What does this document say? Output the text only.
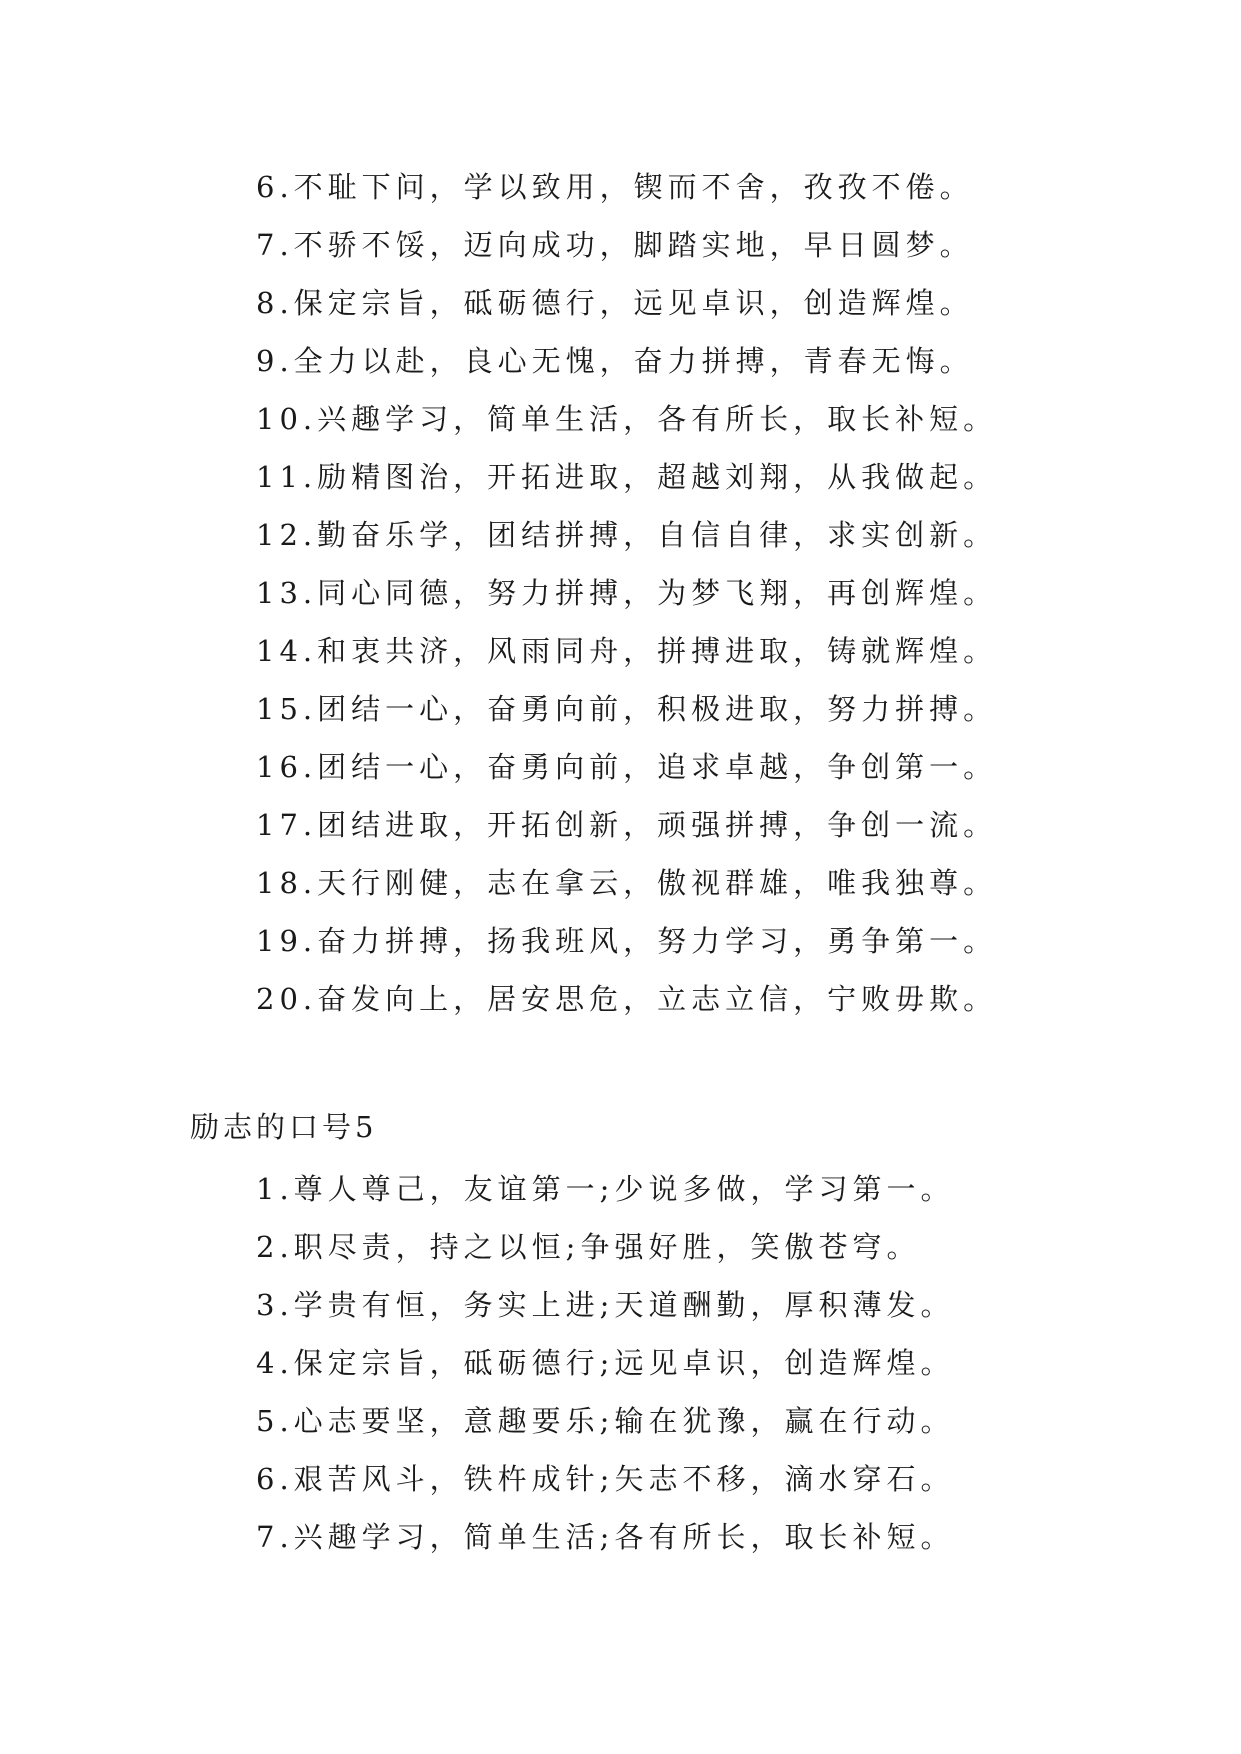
6.不耻下问，学以致用，锲而不舍，孜孜不倦。
7.不骄不馁，迈向成功，脚踏实地，早日圆梦。
8.保定宗旨，砥砺德行，远见卓识，创造辉煌。
9.全力以赴，良心无愧，奋力拼搏，青春无悔。
10.兴趣学习，简单生活，各有所长，取长补短。
11.励精图治，开拓进取，超越刘翔，从我做起。
12.勤奋乐学，团结拼搏，自信自律，求实创新。
13.同心同德，努力拼搏，为梦飞翔，再创辉煌。
14.和衷共济，风雨同舟，拼搏进取，铸就辉煌。
15.团结一心，奋勇向前，积极进取，努力拼搏。
16.团结一心，奋勇向前，追求卓越，争创第一。
17.团结进取，开拓创新，顽强拼搏，争创一流。
18.天行刚健，志在拿云，傲视群雄，唯我独尊。
19.奋力拼搏，扬我班风，努力学习，勇争第一。
20.奋发向上，居安思危，立志立信，宁败毋欺。
励志的口号5
1.尊人尊己，友谊第一;少说多做，学习第一。
2.职尽责，持之以恒;争强好胜，笑傲苍穹。
3.学贵有恒，务实上进;天道酬勤，厚积薄发。
4.保定宗旨，砥砺德行;远见卓识，创造辉煌。
5.心志要坚，意趣要乐;输在犹豫，赢在行动。
6.艰苦风斗，铁杵成针;矢志不移，滴水穿石。
7.兴趣学习，简单生活;各有所长，取长补短。
